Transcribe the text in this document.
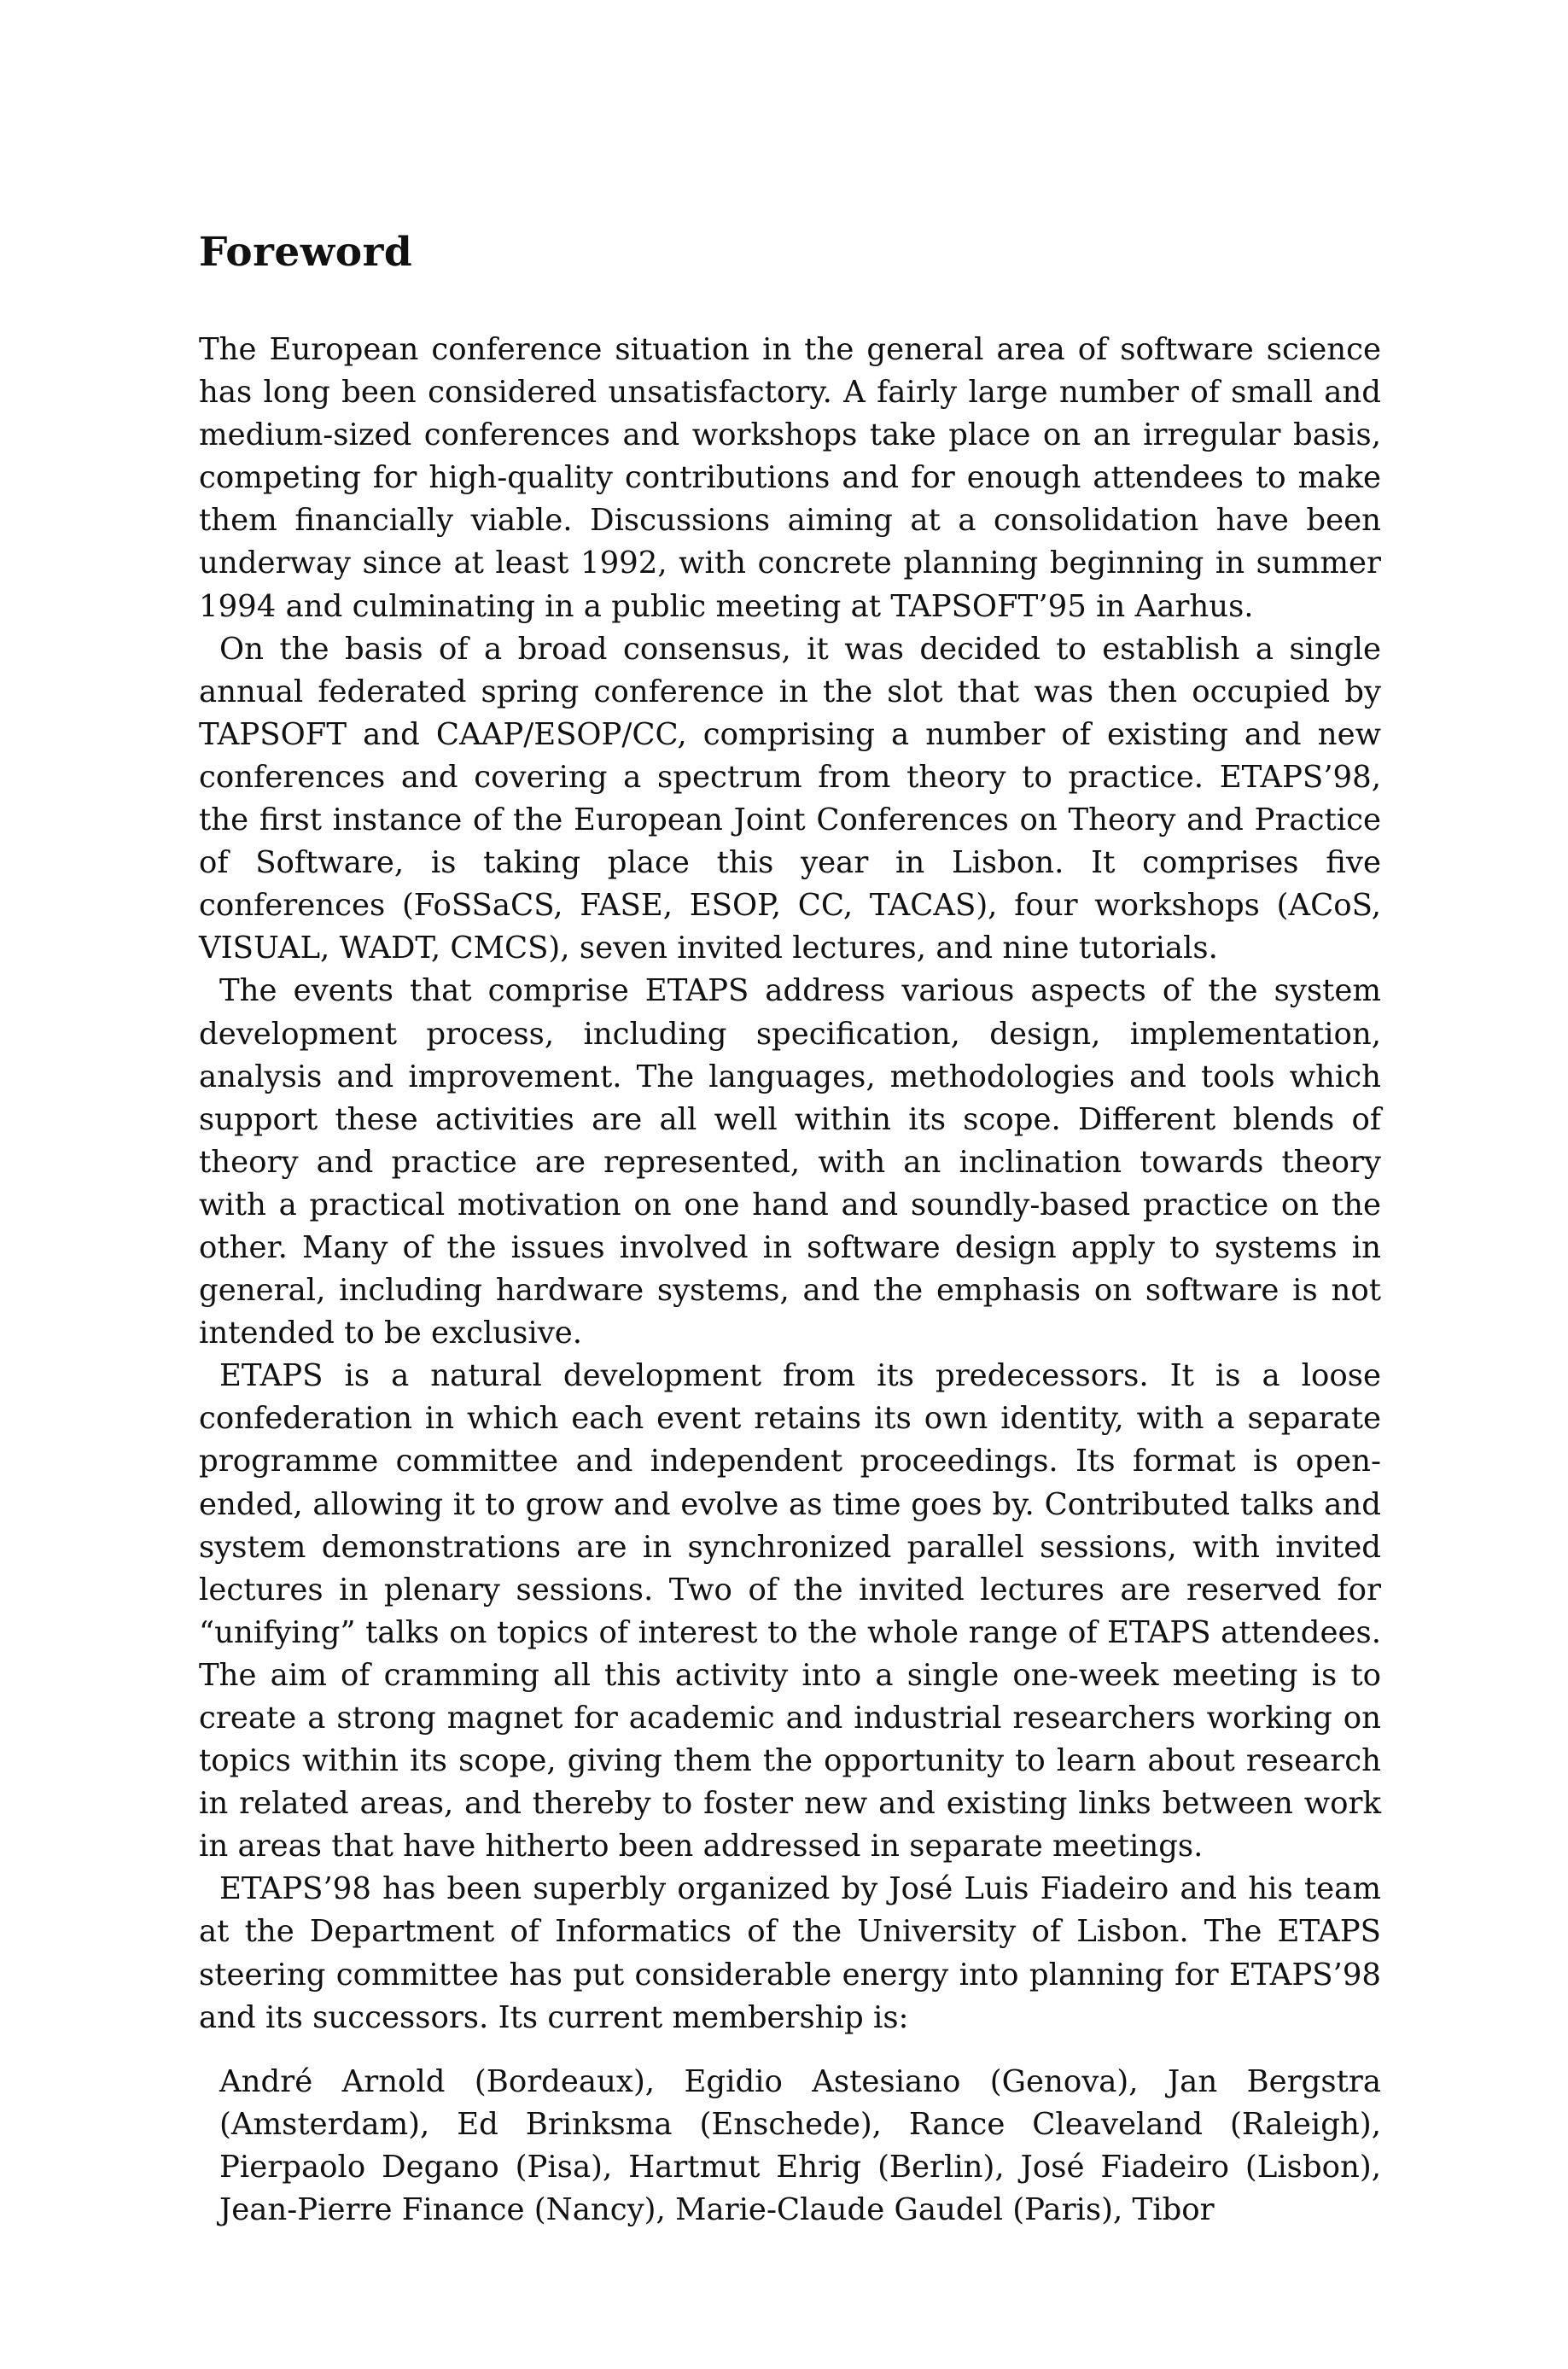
Foreword

The European conference situation in the general area of software science has long been considered unsatisfactory. A fairly large number of small and medium-sized conferences and workshops take place on an irregular basis, competing for high-quality contributions and for enough attendees to make them financially viable. Discussions aiming at a consolidation have been underway since at least 1992, with concrete planning beginning in summer 1994 and culminating in a public meeting at TAPSOFT’95 in Aarhus.

On the basis of a broad consensus, it was decided to establish a single annual federated spring conference in the slot that was then occupied by TAPSOFT and CAAP/ESOP/CC, comprising a number of existing and new conferences and covering a spectrum from theory to practice. ETAPS’98, the first instance of the European Joint Conferences on Theory and Practice of Software, is taking place this year in Lisbon. It comprises five conferences (FoSSaCS, FASE, ESOP, CC, TACAS), four workshops (ACoS, VISUAL, WADT, CMCS), seven invited lectures, and nine tutorials.

The events that comprise ETAPS address various aspects of the system development process, including specification, design, implementation, analysis and improvement. The languages, methodologies and tools which support these activities are all well within its scope. Different blends of theory and practice are represented, with an inclination towards theory with a practical motivation on one hand and soundly-based practice on the other. Many of the issues involved in software design apply to systems in general, including hardware systems, and the emphasis on software is not intended to be exclusive.

ETAPS is a natural development from its predecessors. It is a loose confederation in which each event retains its own identity, with a separate programme committee and independent proceedings. Its format is open-ended, allowing it to grow and evolve as time goes by. Contributed talks and system demonstrations are in synchronized parallel sessions, with invited lectures in plenary sessions. Two of the invited lectures are reserved for “unifying” talks on topics of interest to the whole range of ETAPS attendees. The aim of cramming all this activity into a single one-week meeting is to create a strong magnet for academic and industrial researchers working on topics within its scope, giving them the opportunity to learn about research in related areas, and thereby to foster new and existing links between work in areas that have hitherto been addressed in separate meetings.

ETAPS’98 has been superbly organized by José Luis Fiadeiro and his team at the Department of Informatics of the University of Lisbon. The ETAPS steering committee has put considerable energy into planning for ETAPS’98 and its successors. Its current membership is:

André Arnold (Bordeaux), Egidio Astesiano (Genova), Jan Bergstra (Amsterdam), Ed Brinksma (Enschede), Rance Cleaveland (Raleigh), Pierpaolo Degano (Pisa), Hartmut Ehrig (Berlin), José Fiadeiro (Lisbon), Jean-Pierre Finance (Nancy), Marie-Claude Gaudel (Paris), Tibor
